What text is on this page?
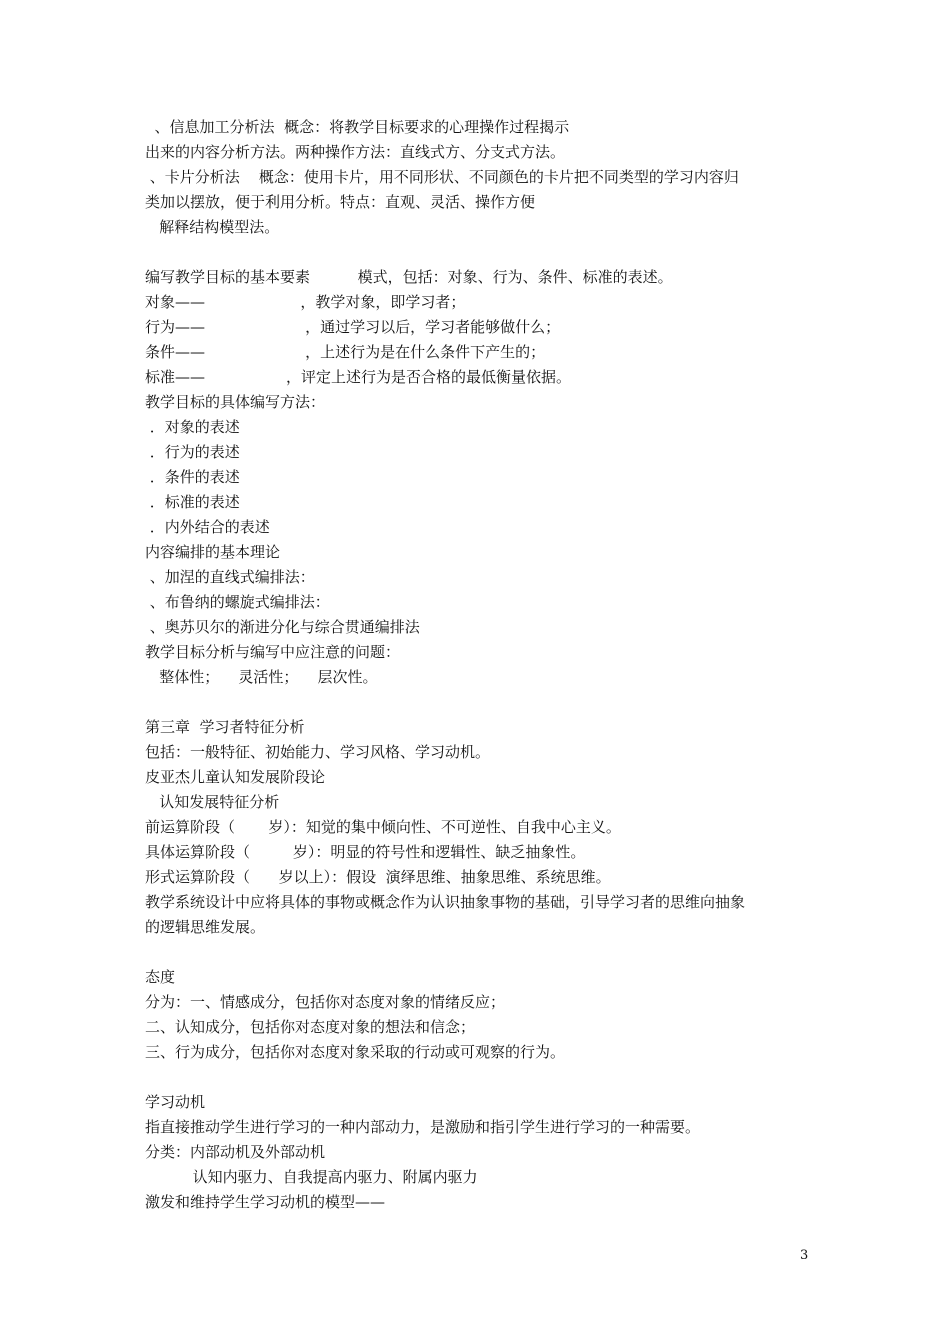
、信息加工分析法  概念：将教学目标要求的心理操作过程揭示
出来的内容分析方法。两种操作方法：直线式方、分支式方法。
、卡片分析法    概念：使用卡片，用不同形状、不同颜色的卡片把不同类型的学习内容归
类加以摆放，便于利用分析。特点：直观、灵活、操作方便
解释结构模型法。
编写教学目标的基本要素          模式，包括：对象、行为、条件、标准的表述。
对象——                    ，教学对象，即学习者；
行为——                     ，通过学习以后，学习者能够做什么；
条件——                     ，上述行为是在什么条件下产生的；
标准——                 ，评定上述行为是否合格的最低衡量依据。
教学目标的具体编写方法：
．对象的表述
．行为的表述
．条件的表述
．标准的表述
．内外结合的表述
内容编排的基本理论
、加涅的直线式编排法：
、布鲁纳的螺旋式编排法：
、奥苏贝尔的渐进分化与综合贯通编排法
教学目标分析与编写中应注意的问题：
整体性；    灵活性；    层次性。
第三章  学习者特征分析
包括：一般特征、初始能力、学习风格、学习动机。
皮亚杰儿童认知发展阶段论
认知发展特征分析
前运算阶段（       岁）：知觉的集中倾向性、不可逆性、自我中心主义。
具体运算阶段（         岁）：明显的符号性和逻辑性、缺乏抽象性。
形式运算阶段（      岁以上）：假设  演绎思维、抽象思维、系统思维。
教学系统设计中应将具体的事物或概念作为认识抽象事物的基础，引导学习者的思维向抽象
的逻辑思维发展。
态度
分为：一、情感成分，包括你对态度对象的情绪反应；
二、认知成分，包括你对态度对象的想法和信念；
三、行为成分，包括你对态度对象采取的行动或可观察的行为。
学习动机
指直接推动学生进行学习的一种内部动力，是激励和指引学生进行学习的一种需要。
分类：内部动机及外部动机
认知内驱力、自我提高内驱力、附属内驱力
激发和维持学生学习动机的模型——
3
